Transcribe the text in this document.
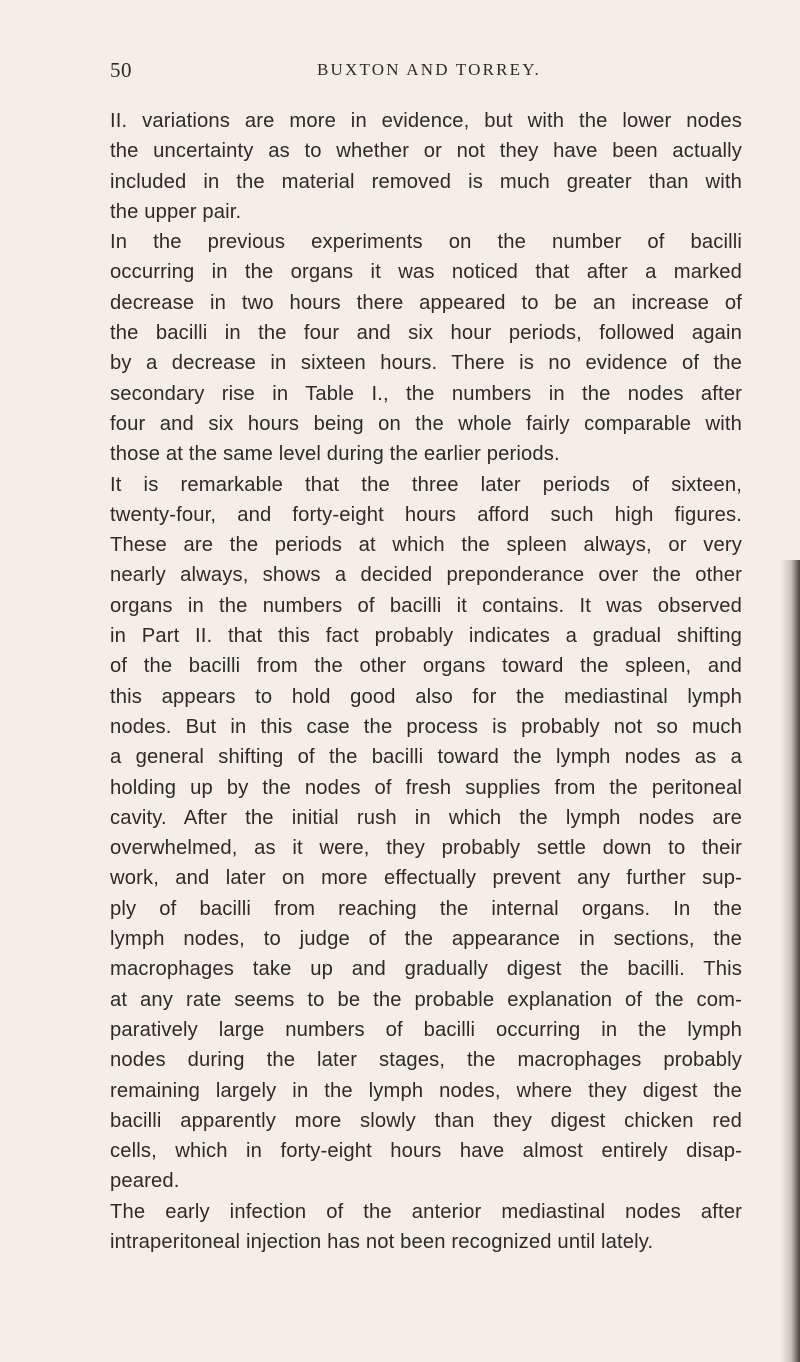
50	BUXTON AND TORREY.

II. variations are more in evidence, but with the lower nodes
the uncertainty as to whether or not they have been actually
included in the material removed is much greater than with
the upper pair.

In the previous experiments on the number of bacilli
occurring in the organs it was noticed that after a marked
decrease in two hours there appeared to be an increase of
the bacilli in the four and six hour periods, followed again
by a decrease in sixteen hours. There is no evidence of the
secondary rise in Table I., the numbers in the nodes after
four and six hours being on the whole fairly comparable with
those at the same level during the earlier periods.

It is remarkable that the three later periods of sixteen,
twenty-four, and forty-eight hours afford such high figures.
These are the periods at which the spleen always, or very
nearly always, shows a decided preponderance over the other
organs in the numbers of bacilli it contains. It was observed
in Part II. that this fact probably indicates a gradual shifting
of the bacilli from the other organs toward the spleen, and
this appears to hold good also for the mediastinal lymph
nodes. But in this case the process is probably not so much
a general shifting of the bacilli toward the lymph nodes as a
holding up by the nodes of fresh supplies from the peritoneal
cavity. After the initial rush in which the lymph nodes are
overwhelmed, as it were, they probably settle down to their
work, and later on more effectually prevent any further sup-
ply of bacilli from reaching the internal organs. In the
lymph nodes, to judge of the appearance in sections, the
macrophages take up and gradually digest the bacilli. This
at any rate seems to be the probable explanation of the com-
paratively large numbers of bacilli occurring in the lymph
nodes during the later stages, the macrophages probably
remaining largely in the lymph nodes, where they digest the
bacilli apparently more slowly than they digest chicken red
cells, which in forty-eight hours have almost entirely disap-
peared.

The early infection of the anterior mediastinal nodes after
intraperitoneal injection has not been recognized until lately.
